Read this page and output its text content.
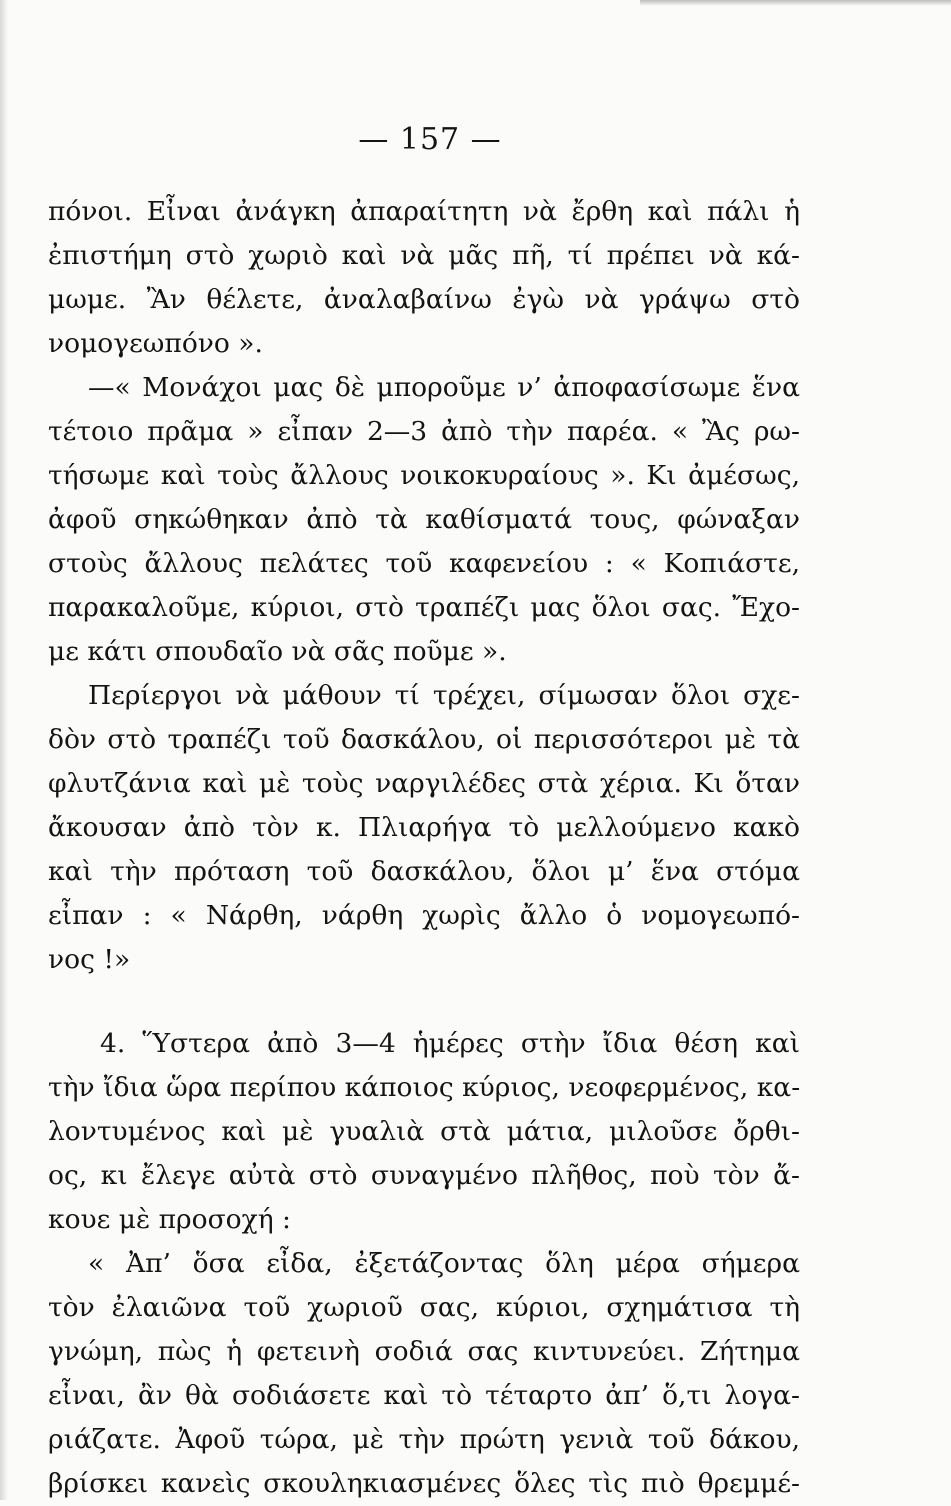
— 157 —
πόνοι. Εἶναι ἀνάγκη ἀπαραίτητη νὰ ἔρθη καὶ πάλι ἡ
ἐπιστήμη στὸ χωριὸ καὶ νὰ μᾶς πῆ, τί πρέπει νὰ κά-
μωμε. Ἂν θέλετε, ἀναλαβαίνω ἐγὼ νὰ γράψω στὸ
νομογεωπόνο ».
—« Μονάχοι μας δὲ μποροῦμε ν’ ἀποφασίσωμε ἕνα
τέτοιο πρᾶμα » εἶπαν 2—3 ἀπὸ τὴν παρέα. « Ἂς ρω-
τήσωμε καὶ τοὺς ἄλλους νοικοκυραίους ». Κι ἀμέσως,
ἀφοῦ σηκώθηκαν ἀπὸ τὰ καθίσματά τους, φώναξαν
στοὺς ἄλλους πελάτες τοῦ καφενείου : « Κοπιάστε,
παρακαλοῦμε, κύριοι, στὸ τραπέζι μας ὅλοι σας. Ἔχο-
με κάτι σπουδαῖο νὰ σᾶς ποῦμε ».
Περίεργοι νὰ μάθουν τί τρέχει, σίμωσαν ὅλοι σχε-
δὸν στὸ τραπέζι τοῦ δασκάλου, οἱ περισσότεροι μὲ τὰ
φλυτζάνια καὶ μὲ τοὺς ναργιλέδες στὰ χέρια. Κι ὅταν
ἄκουσαν ἀπὸ τὸν κ. Πλιαρήγα τὸ μελλούμενο κακὸ
καὶ τὴν πρόταση τοῦ δασκάλου, ὅλοι μ’ ἕνα στόμα
εἶπαν : « Νάρθη, νάρθη χωρὶς ἄλλο ὁ νομογεωπό-
νος !»
4. Ὕστερα ἀπὸ 3—4 ἡμέρες στὴν ἴδια θέση καὶ
τὴν ἴδια ὥρα περίπου κάποιος κύριος, νεοφερμένος, κα-
λοντυμένος καὶ μὲ γυαλιὰ στὰ μάτια, μιλοῦσε ὄρθι-
ος, κι ἔλεγε αὐτὰ στὸ συναγμένο πλῆθος, ποὺ τὸν ἄ-
κουε μὲ προσοχή :
« Ἀπ’ ὅσα εἶδα, ἐξετάζοντας ὅλη μέρα σήμερα
τὸν ἐλαιῶνα τοῦ χωριοῦ σας, κύριοι, σχημάτισα τὴ
γνώμη, πὼς ἡ φετεινὴ σοδιά σας κιντυνεύει. Ζήτημα
εἶναι, ἂν θὰ σοδιάσετε καὶ τὸ τέταρτο ἀπ’ ὅ,τι λογα-
ριάζατε. Ἀφοῦ τώρα, μὲ τὴν πρώτη γενιὰ τοῦ δάκου,
βρίσκει κανεὶς σκουληκιασμένες ὅλες τὶς πιὸ θρεμμέ-
